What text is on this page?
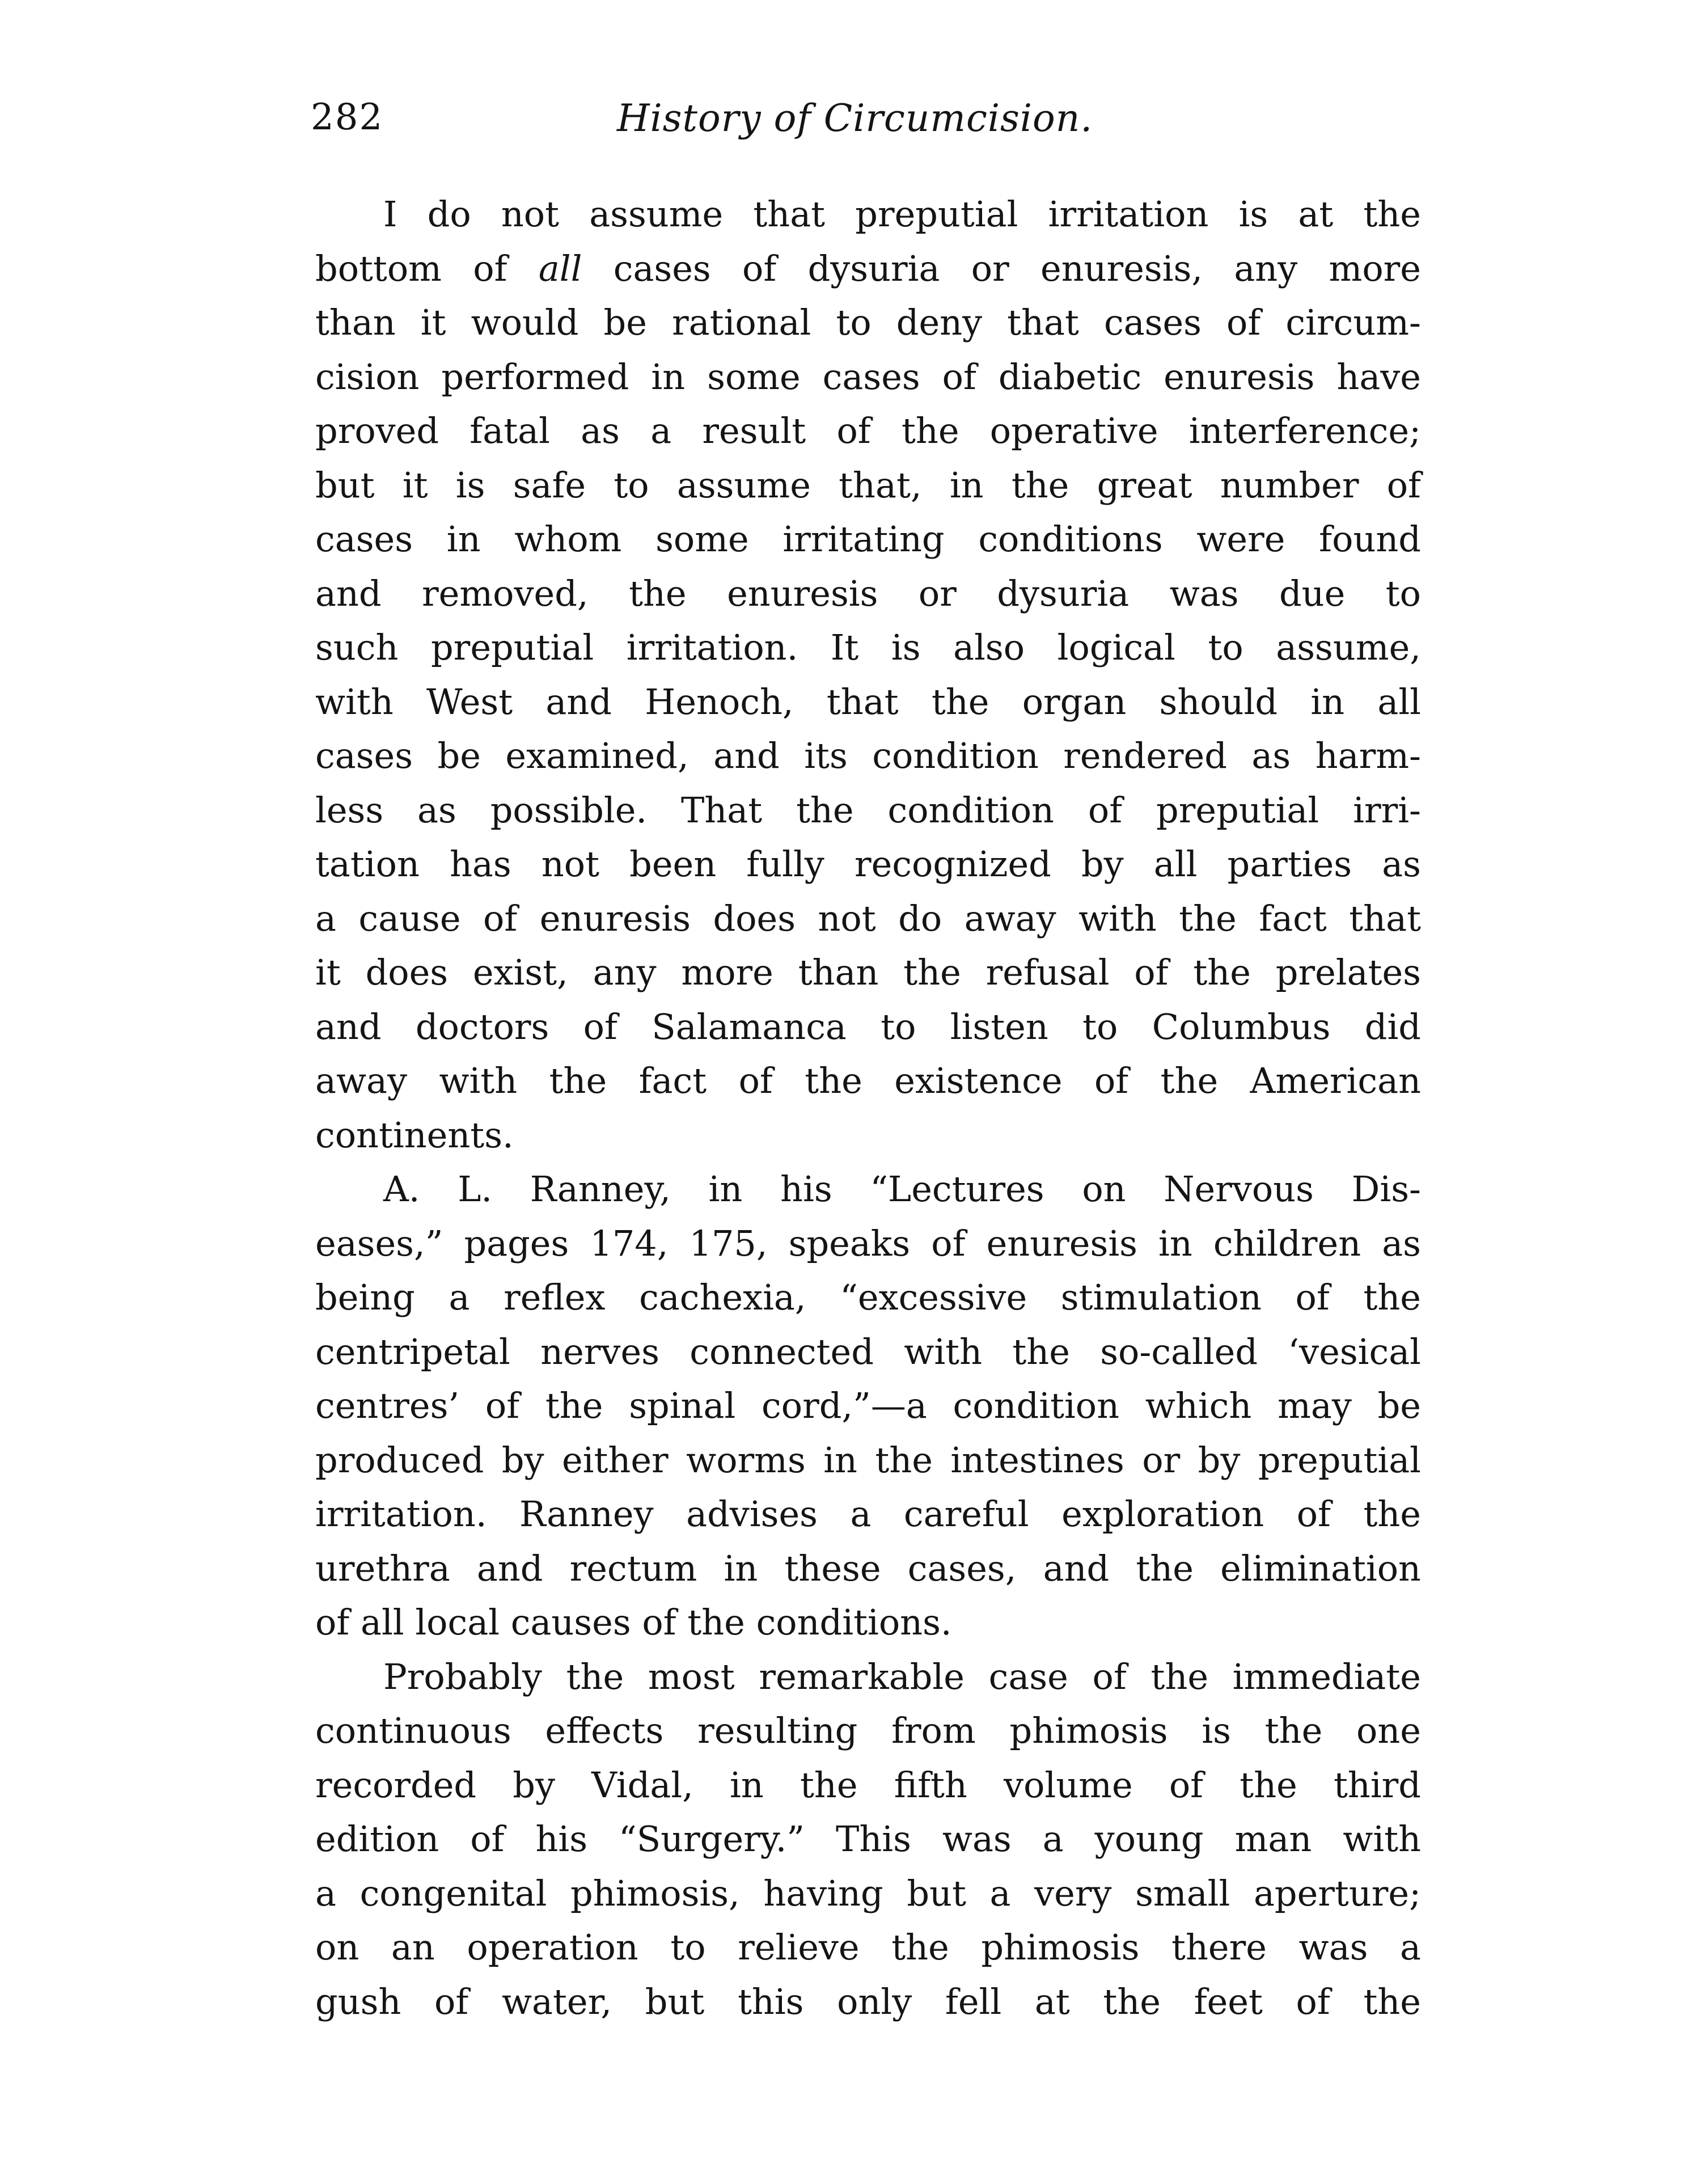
282	History of Circumcision.
I do not assume that preputial irritation is at the
bottom of all cases of dysuria or enuresis, any more
than it would be rational to deny that cases of circum-
cision performed in some cases of diabetic enuresis have
proved fatal as a result of the operative interference;
but it is safe to assume that, in the great number of
cases in whom some irritating conditions were found
and removed, the enuresis or dysuria was due to
such preputial irritation. It is also logical to assume,
with West and Henoch, that the organ should in all
cases be examined, and its condition rendered as harm-
less as possible. That the condition of preputial irri-
tation has not been fully recognized by all parties as
a cause of enuresis does not do away with the fact that
it does exist, any more than the refusal of the prelates
and doctors of Salamanca to listen to Columbus did
away with the fact of the existence of the American
continents.
A. L. Ranney, in his “Lectures on Nervous Dis-
eases,” pages 174, 175, speaks of enuresis in children as
being a reflex cachexia, “excessive stimulation of the
centripetal nerves connected with the so-called ‘vesical
centres’ of the spinal cord,”—a condition which may be
produced by either worms in the intestines or by preputial
irritation. Ranney advises a careful exploration of the
urethra and rectum in these cases, and the elimination
of all local causes of the conditions.
Probably the most remarkable case of the immediate
continuous effects resulting from phimosis is the one
recorded by Vidal, in the fifth volume of the third
edition of his “Surgery.” This was a young man with
a congenital phimosis, having but a very small aperture;
on an operation to relieve the phimosis there was a
gush of water, but this only fell at the feet of the
